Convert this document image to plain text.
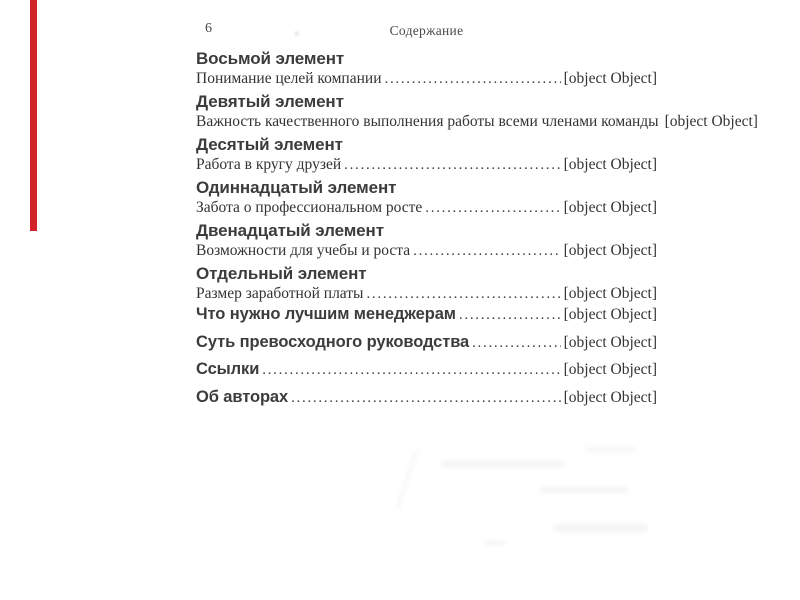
6	Содержание
Восьмой элемент
Понимание целей компании .....	[object Object]
Девятый элемент
Важность качественного выполнения работы всеми членами команды [object Object]
Десятый элемент
Работа в кругу друзей .....	[object Object]
Одиннадцатый элемент
Забота о профессиональном росте .....	[object Object]
Двенадцатый элемент
Возможности для учебы и роста .....	[object Object]
Отдельный элемент
Размер заработной платы .....	[object Object]
Что нужно лучшим менеджерам .....	[object Object]
Суть превосходного руководства .....	[object Object]
Ссылки .....	[object Object]
Об авторах .....	[object Object]
